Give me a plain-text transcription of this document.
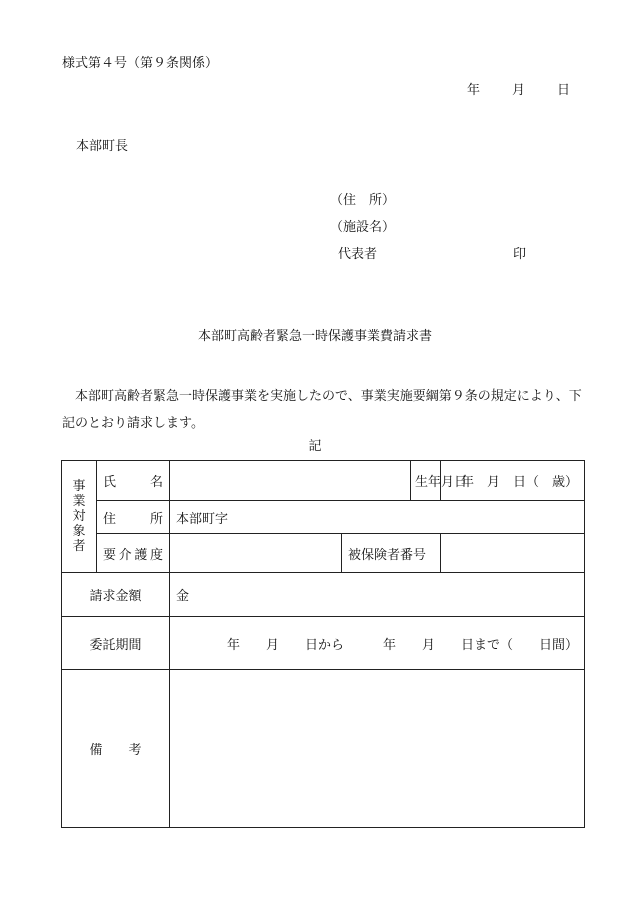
様式第４号（第９条関係）
年 月 日
本部町長
（住　所）
（施設名）
代表者	印
本部町高齢者緊急一時保護事業費請求書
本部町高齢者緊急一時保護事業を実施したので、事業実施要綱第９条の規定により、下記のとおり請求します。
記
事業対象者	氏　名			生年月日	年　月　日（　歳）
	住　所	本部町字			
	要介護度		被保険者番号		
請求金額		金			
委託期間		年　　月　　日から　　　年　　月　　日まで（　　日間）			
備　　考					
